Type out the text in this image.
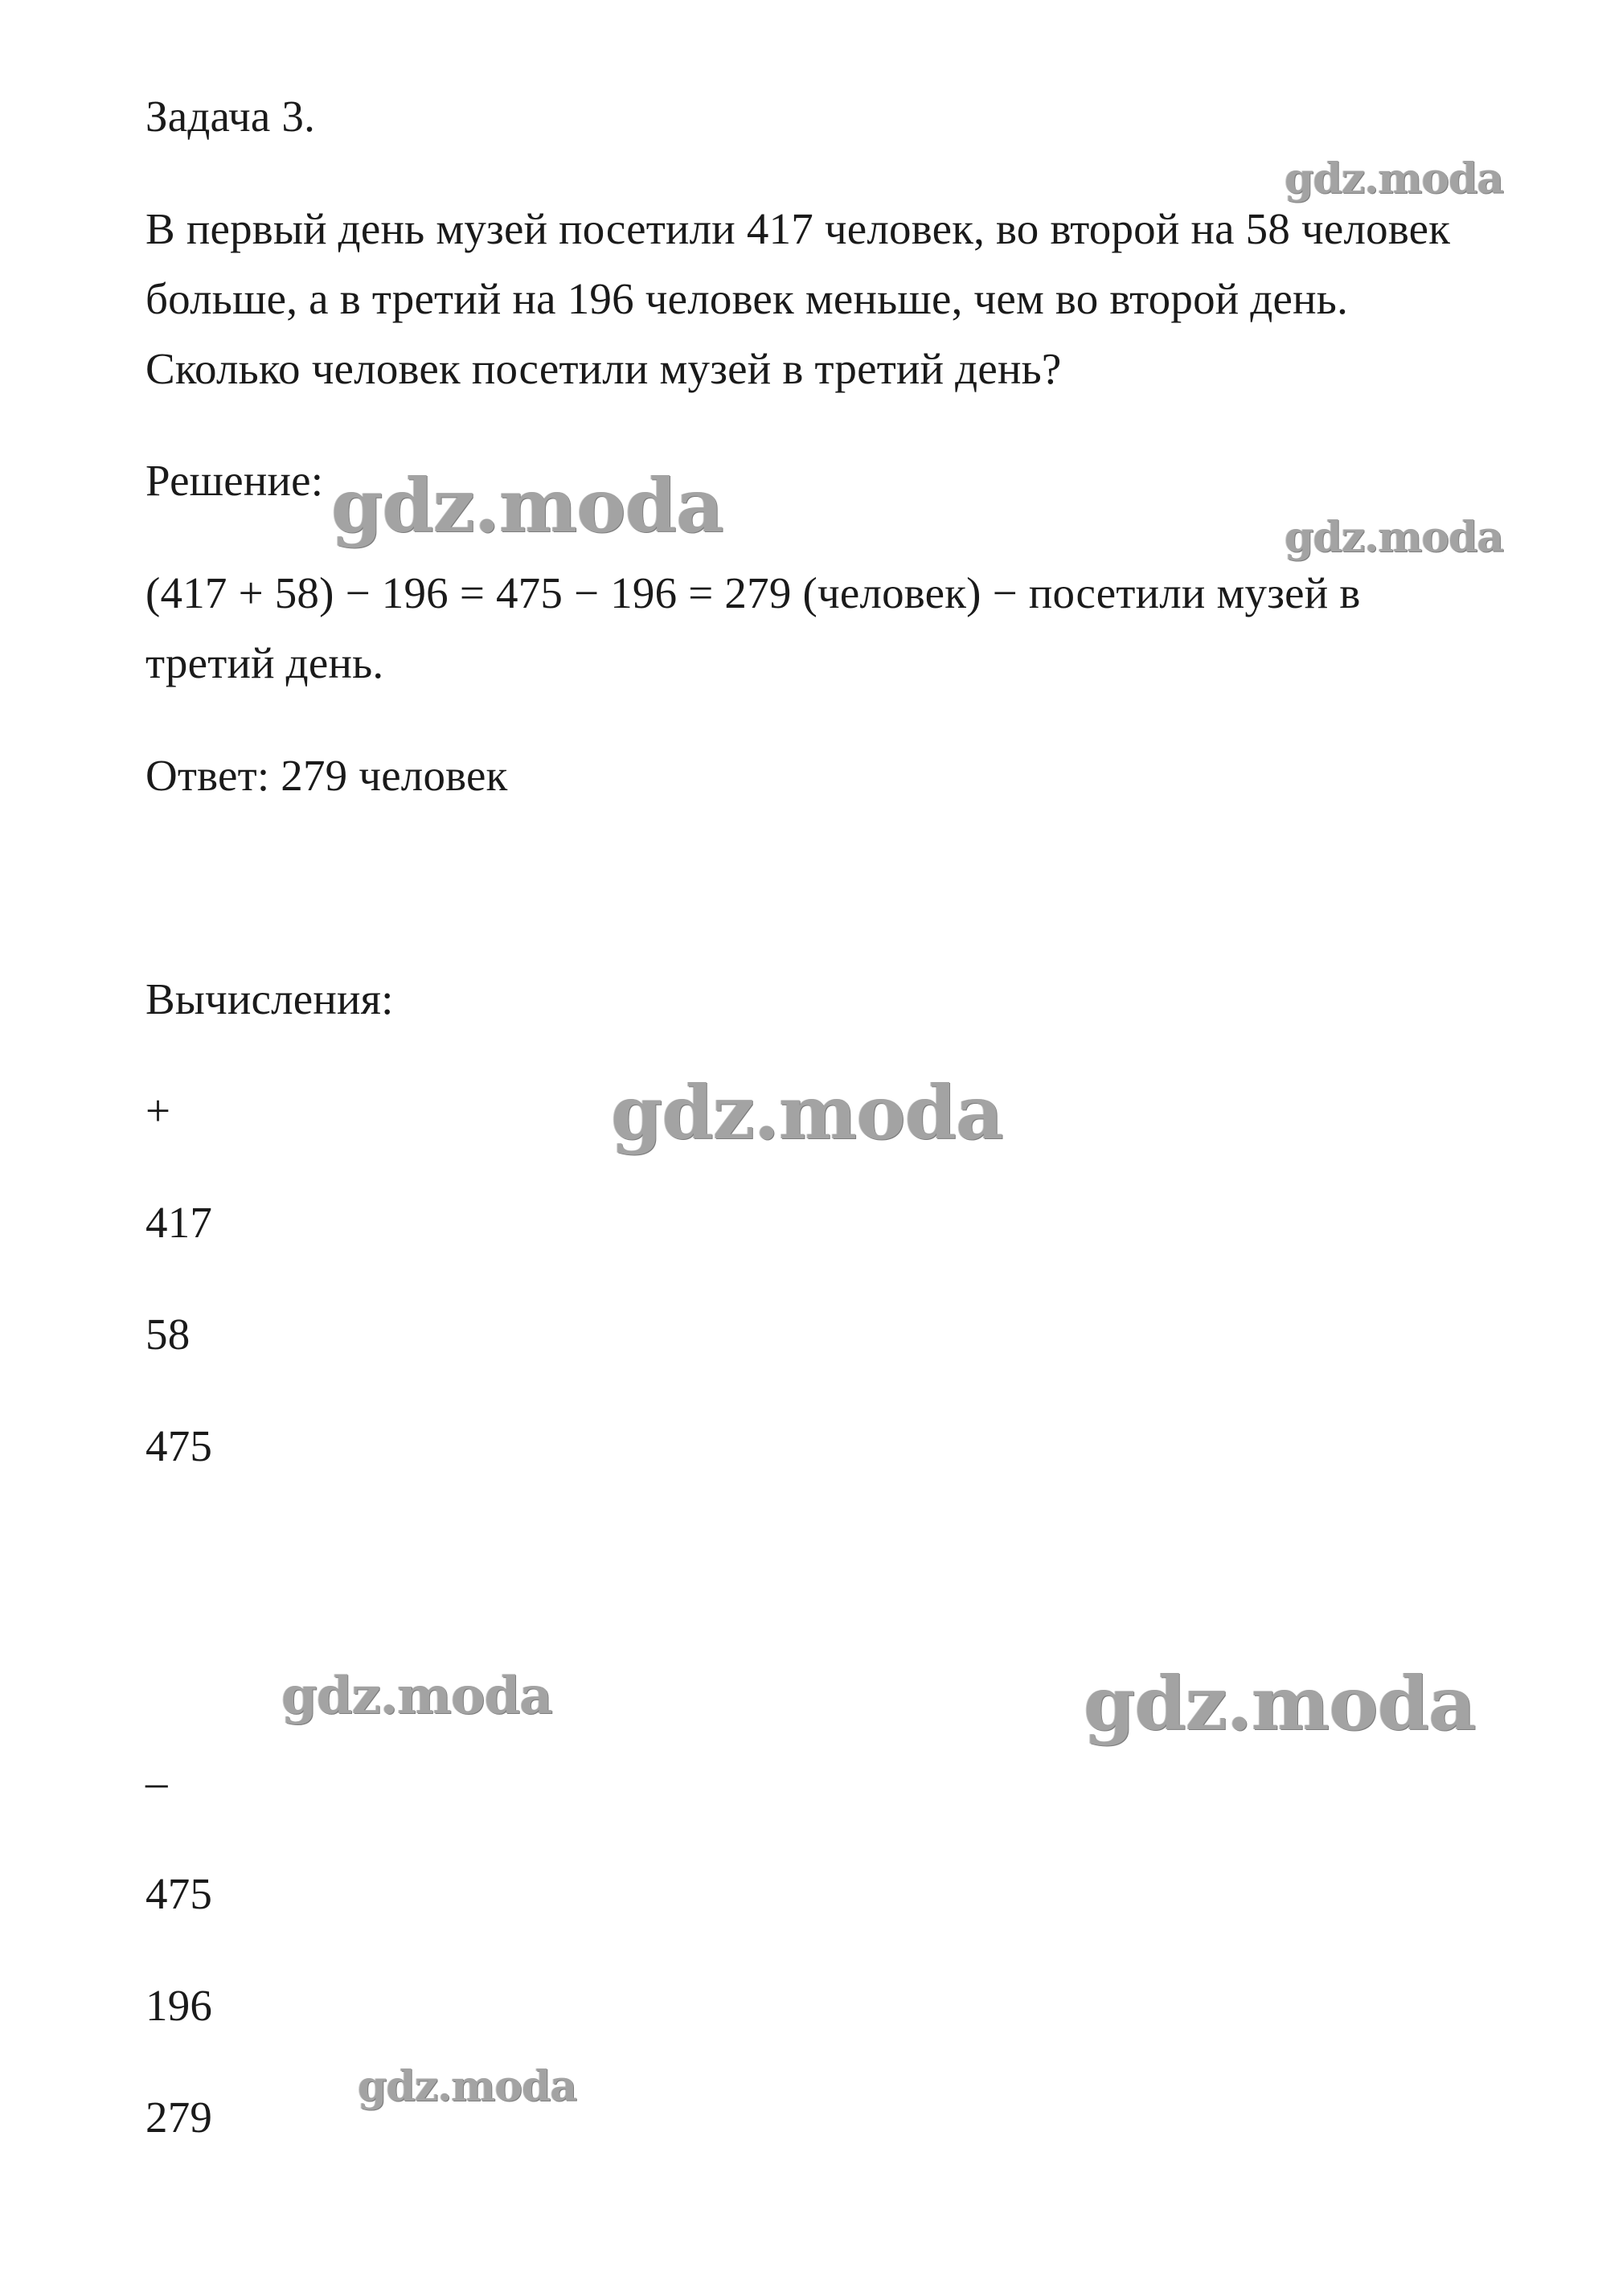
Задача 3.
В первый день музей посетили 417 человек, во второй на 58 человек
больше, а в третий на 196 человек меньше, чем во второй день.
Сколько человек посетили музей в третий день?
Решение:
(417 + 58) − 196 = 475 − 196 = 279 (человек) − посетили музей в
третий день.
Ответ: 279 человек
Вычисления:
+
417
58
475
–
475
196
279
gdz.moda
gdz.moda	gdz.moda
gdz.moda
gdz.moda	gdz.moda
gdz.moda
